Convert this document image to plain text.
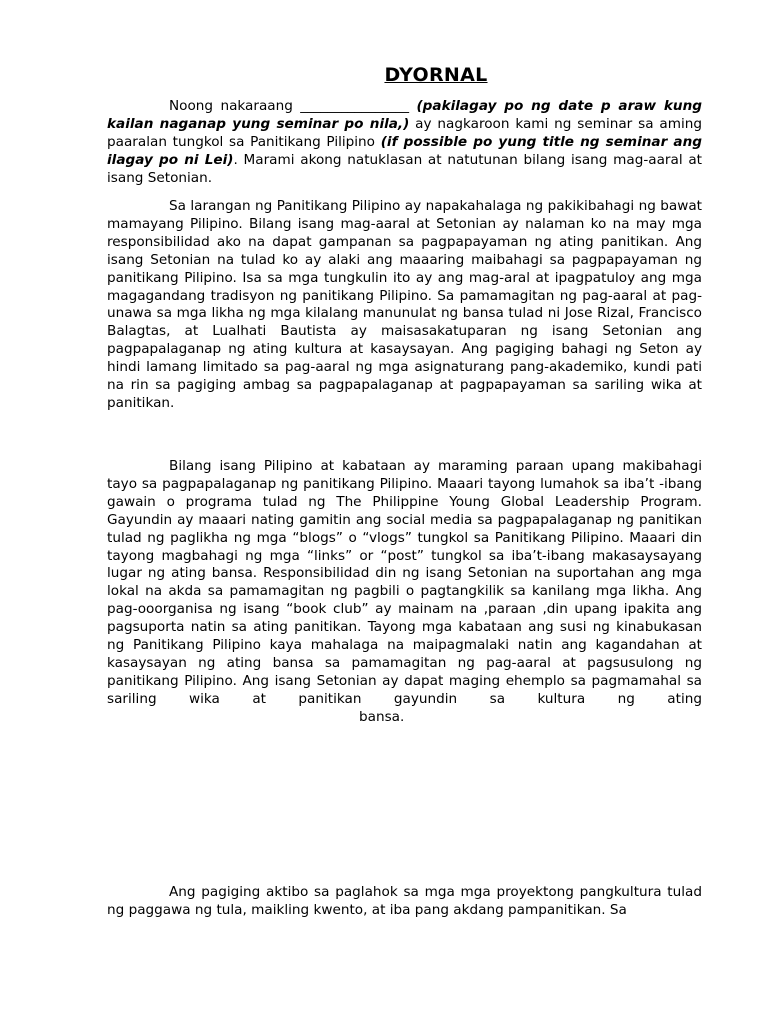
DYORNAL

Noong nakaraang ________________ (pakilagay po ng date p araw kung kailan naganap yung seminar po nila,) ay nagkaroon kami ng seminar sa aming paaralan tungkol sa Panitikang Pilipino (if possible po yung title ng seminar ang ilagay po ni Lei). Marami akong natuklasan at natutunan bilang isang mag-aaral at isang Setonian.

Sa larangan ng Panitikang Pilipino ay napakahalaga ng pakikibahagi ng bawat mamayang Pilipino. Bilang isang mag-aaral at Setonian ay nalaman ko na may mga responsibilidad ako na dapat gampanan sa pagpapayaman ng ating panitikan. Ang isang Setonian na tulad ko ay alaki ang maaaring maibahagi sa pagpapayaman ng panitikang Pilipino. Isa sa mga tungkulin ito ay ang mag-aral at ipagpatuloy ang mga magagandang tradisyon ng panitikang Pilipino. Sa pamamagitan ng pag-aaral at pag-unawa sa mga likha ng mga kilalang manunulat ng bansa tulad ni Jose Rizal, Francisco Balagtas, at Lualhati Bautista ay maisasakatuparan ng isang Setonian ang pagpapalaganap ng ating kultura at kasaysayan. Ang pagiging bahagi ng Seton ay hindi lamang limitado sa pag-aaral ng mga asignaturang pang-akademiko, kundi pati na rin sa pagiging ambag sa pagpapalaganap at pagpapayaman sa sariling wika at panitikan.

Bilang isang Pilipino at kabataan ay maraming paraan upang makibahagi tayo sa pagpapalaganap ng panitikang Pilipino. Maaari tayong lumahok sa iba’t -ibang gawain o programa tulad ng The Philippine Young Global Leadership Program. Gayundin ay maaari nating gamitin ang social media sa pagpapalaganap ng panitikan tulad ng paglikha ng mga “blogs” o “vlogs” tungkol sa Panitikang Pilipino. Maaari din tayong magbahagi ng mga “links” or “post” tungkol sa iba’t-ibang makasaysayang lugar ng ating bansa. Responsibilidad din ng isang Setonian na suportahan ang mga lokal na akda sa pamamagitan ng pagbili o pagtangkilik sa kanilang mga likha. Ang pag-ooorganisa ng isang “book club” ay mainam na ,paraan ,din upang ipakita ang pagsuporta natin sa ating panitikan. Tayong mga kabataan ang susi ng kinabukasan ng Panitikang Pilipino kaya mahalaga na maipagmalaki natin ang kagandahan at kasaysayan ng ating bansa sa pamamagitan ng pag-aaral at pagsusulong ng panitikang Pilipino. Ang isang Setonian ay dapat maging ehemplo sa pagmamahal sa sariling wika at panitikan gayundin sa kultura ng atingbansa.

Ang pagiging aktibo sa paglahok sa mga mga proyektong pangkultura tulad ng paggawa ng tula, maikling kwento, at iba pang akdang pampanitikan. Sa
